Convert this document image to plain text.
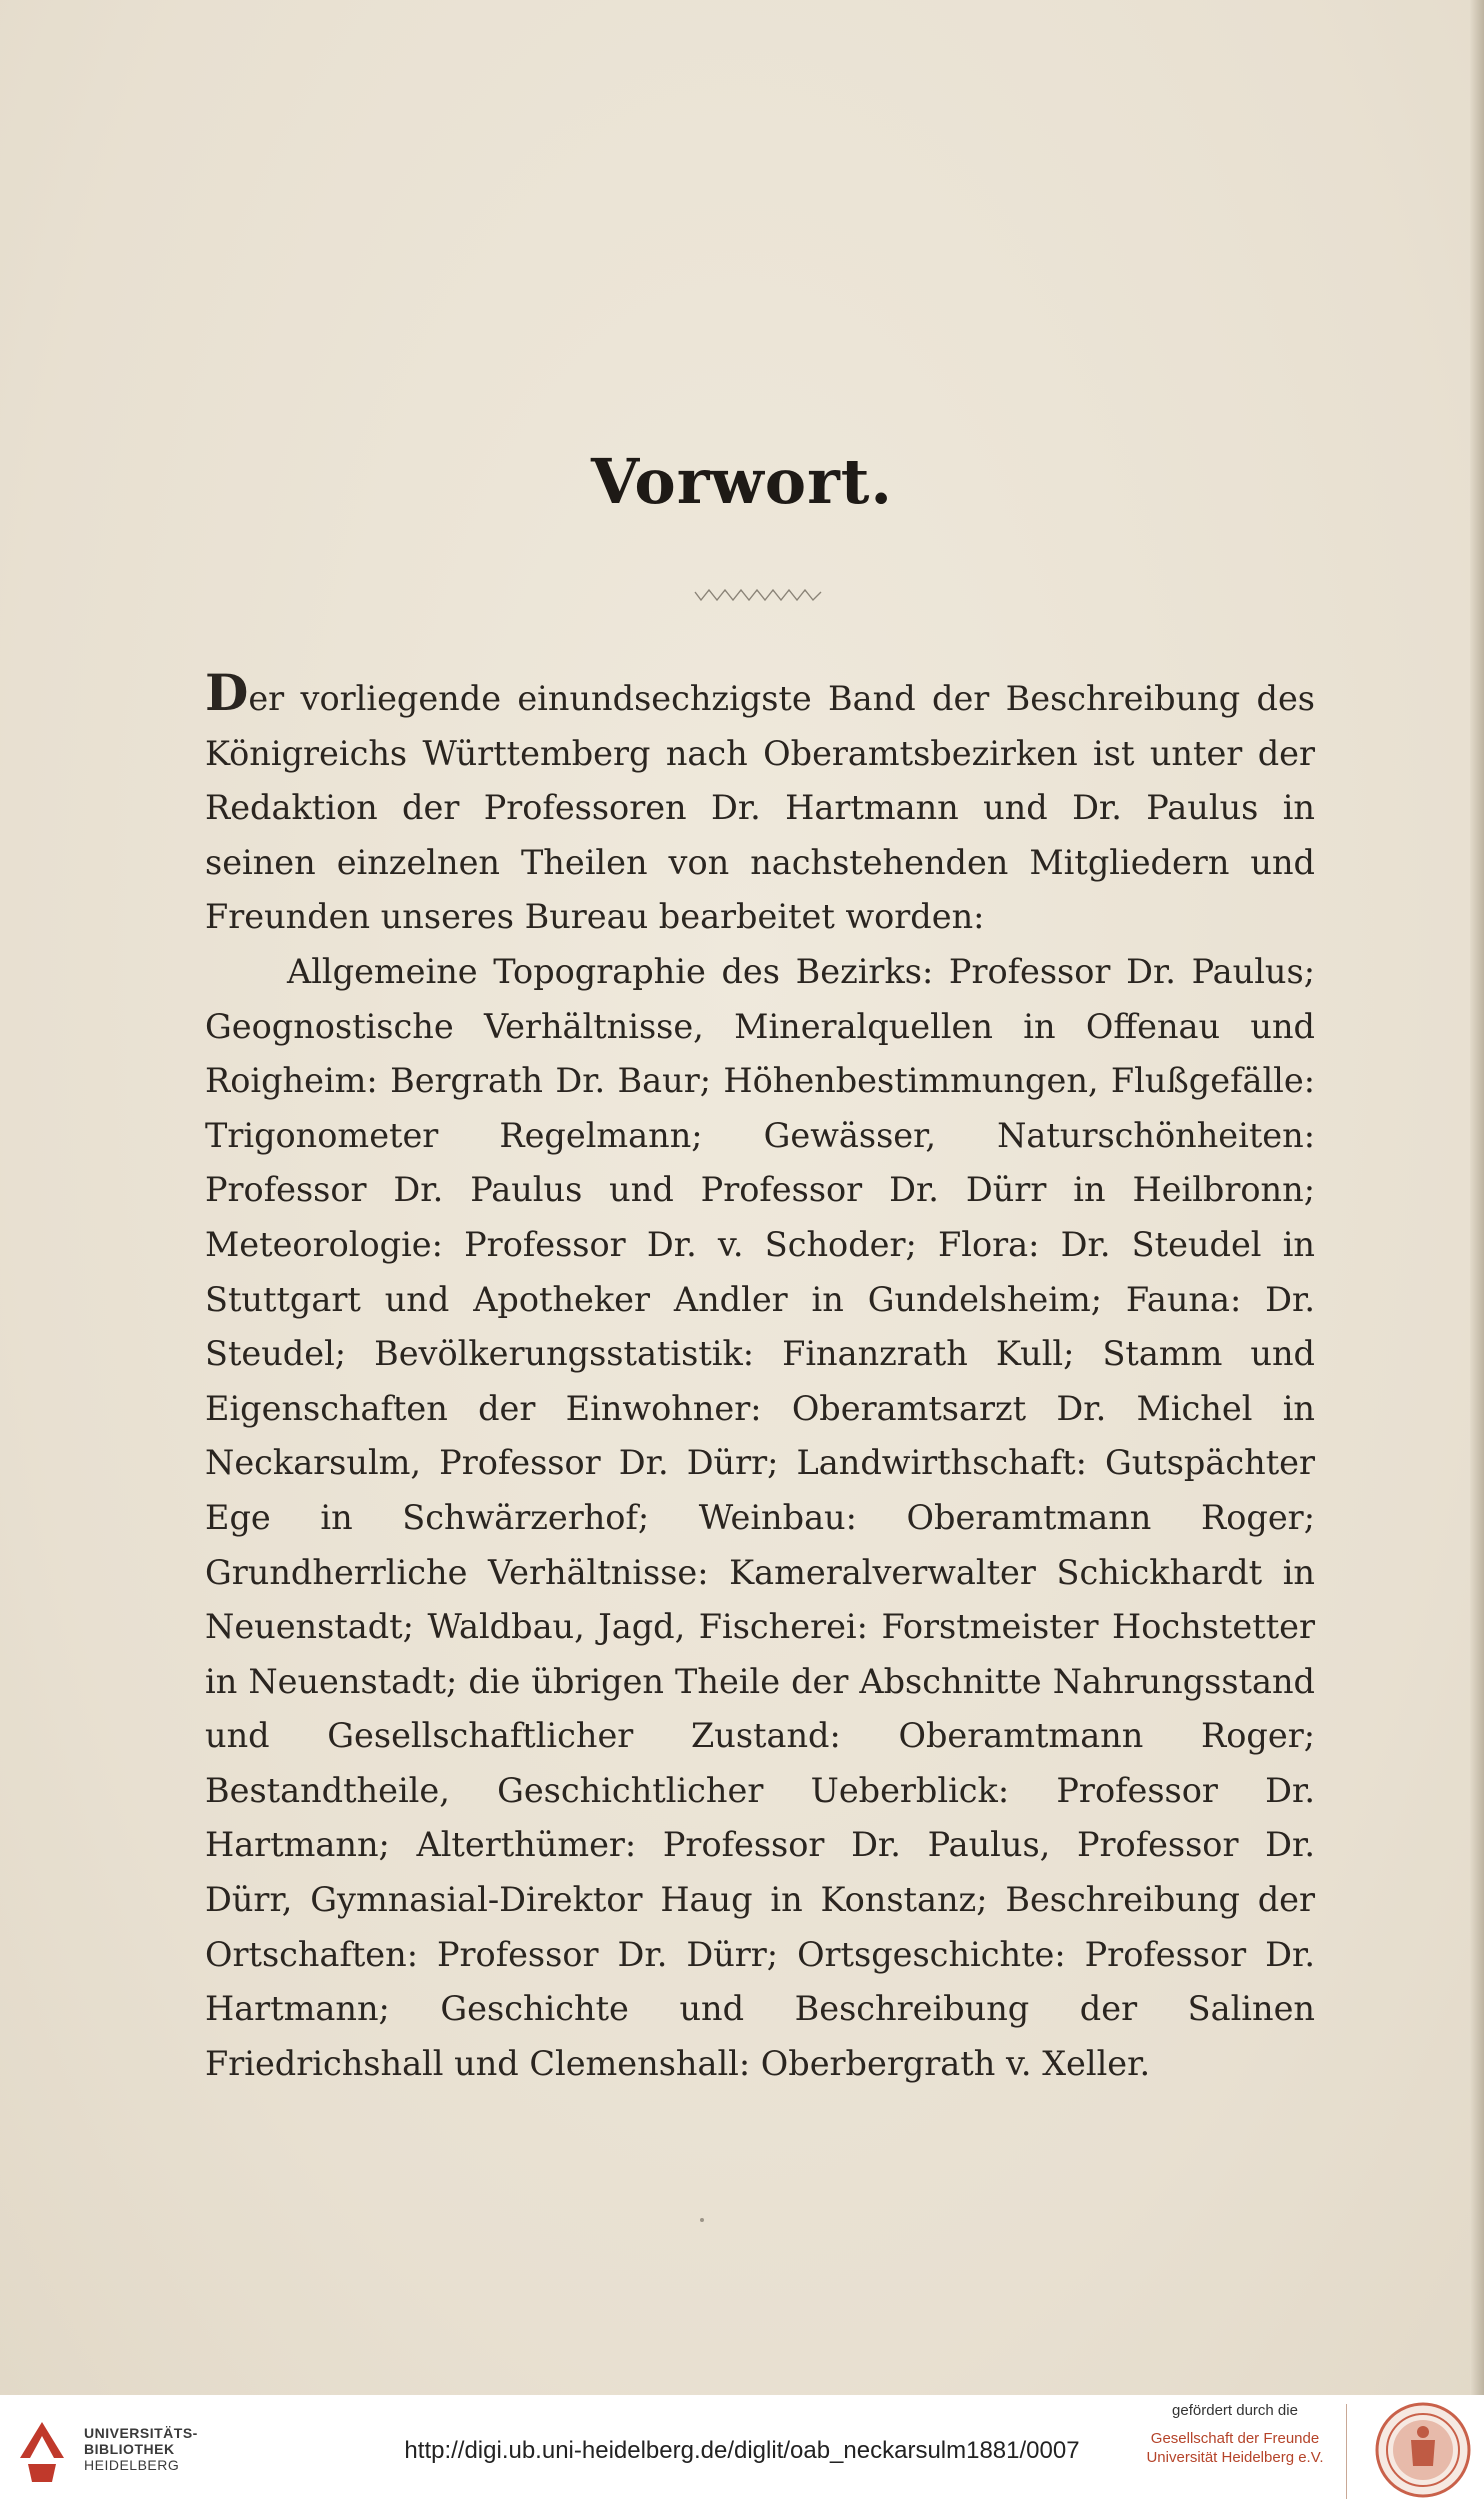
Vorwort.

Der vorliegende einundsechzigste Band der Beschreibung des Königreichs Württemberg nach Oberamtsbezirken ist unter der Redaktion der Professoren Dr. Hartmann und Dr. Paulus in seinen einzelnen Theilen von nachstehenden Mitgliedern und Freunden unseres Bureau bearbeitet worden:

Allgemeine Topographie des Bezirks: Professor Dr. Paulus; Geognostische Verhältnisse, Mineralquellen in Offenau und Roigheim: Bergrath Dr. Baur; Höhenbestimmungen, Flußgefälle: Trigonometer Regelmann; Gewässer, Naturschönheiten: Professor Dr. Paulus und Professor Dr. Dürr in Heilbronn; Meteorologie: Professor Dr. v. Schoder; Flora: Dr. Steudel in Stuttgart und Apotheker Andler in Gundelsheim; Fauna: Dr. Steudel; Bevölkerungsstatistik: Finanzrath Kull; Stamm und Eigenschaften der Einwohner: Oberamtsarzt Dr. Michel in Neckarsulm, Professor Dr. Dürr; Landwirthschaft: Gutspächter Ege in Schwärzerhof; Weinbau: Oberamtmann Roger; Grundherrliche Verhältnisse: Kameralverwalter Schickhardt in Neuenstadt; Waldbau, Jagd, Fischerei: Forstmeister Hochstetter in Neuenstadt; die übrigen Theile der Abschnitte Nahrungsstand und Gesellschaftlicher Zustand: Oberamtmann Roger; Bestandtheile, Geschichtlicher Ueberblick: Professor Dr. Hartmann; Alterthümer: Professor Dr. Paulus, Professor Dr. Dürr, Gymnasial-Direktor Haug in Konstanz; Beschreibung der Ortschaften: Professor Dr. Dürr; Ortsgeschichte: Professor Dr. Hartmann; Geschichte und Beschreibung der Salinen Friedrichshall und Clemenshall: Oberbergrath v. Xeller.

UNIVERSITÄTS-
BIBLIOTHEK
HEIDELBERG
http://digi.ub.uni-heidelberg.de/diglit/oab_neckarsulm1881/0007
gefördert durch die
Gesellschaft der Freunde
Universität Heidelberg e.V.
